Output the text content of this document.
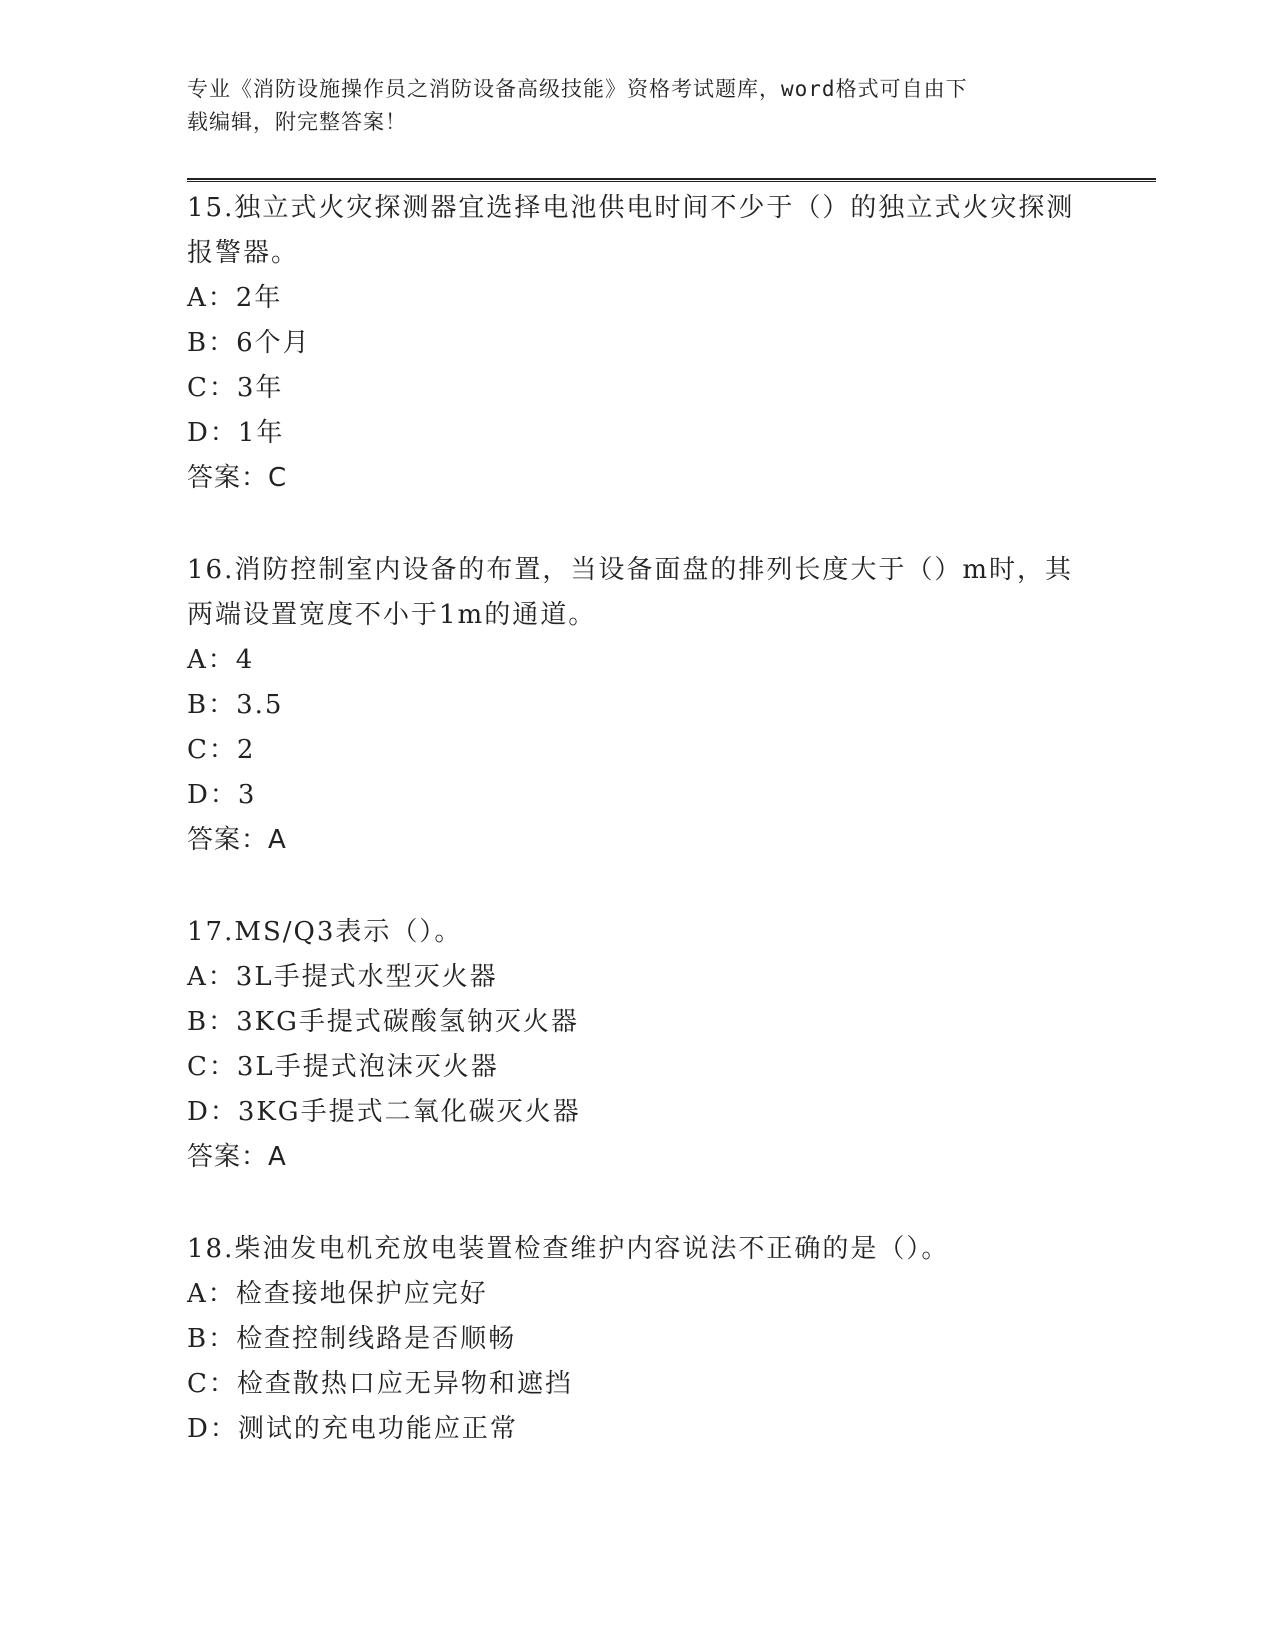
专业《消防设施操作员之消防设备高级技能》资格考试题库，word格式可自由下
载编辑，附完整答案！

15.独立式火灾探测器宜选择电池供电时间不少于（）的独立式火灾探测报警器。

A：2年
B：6个月
C：3年
D：1年
答案：C

16.消防控制室内设备的布置，当设备面盘的排列长度大于（）m时，其两端设置宽度不小于1m的通道。

A：4
B：3.5
C：2
D：3
答案：A

17.MS/Q3表示（）。

A：3L手提式水型灭火器
B：3KG手提式碳酸氢钠灭火器
C：3L手提式泡沫灭火器
D：3KG手提式二氧化碳灭火器
答案：A

18.柴油发电机充放电装置检查维护内容说法不正确的是（）。

A：检查接地保护应完好
B：检查控制线路是否顺畅
C：检查散热口应无异物和遮挡
D：测试的充电功能应正常
